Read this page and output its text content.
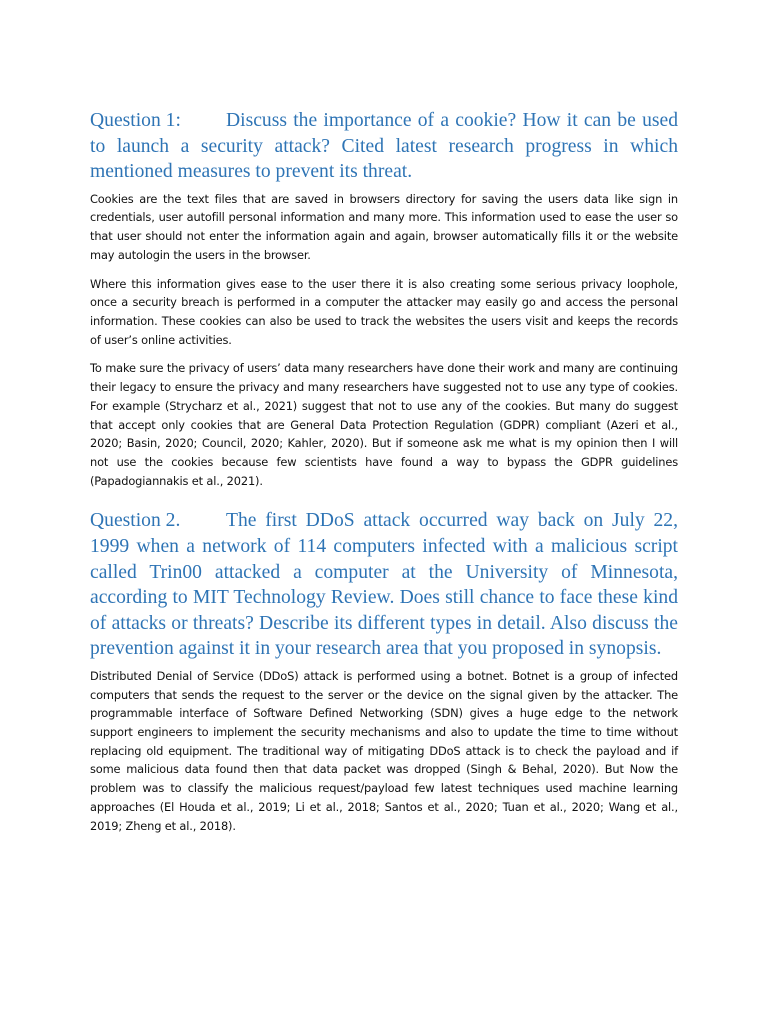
Question 1: Discuss the importance of a cookie? How it can be used to launch a security attack? Cited latest research progress in which mentioned measures to prevent its threat.

Cookies are the text files that are saved in browsers directory for saving the users data like sign in credentials, user autofill personal information and many more. This information used to ease the user so that user should not enter the information again and again, browser automatically fills it or the website may autologin the users in the browser.

Where this information gives ease to the user there it is also creating some serious privacy loophole, once a security breach is performed in a computer the attacker may easily go and access the personal information. These cookies can also be used to track the websites the users visit and keeps the records of user’s online activities.

To make sure the privacy of users’ data many researchers have done their work and many are continuing their legacy to ensure the privacy and many researchers have suggested not to use any type of cookies. For example (Strycharz et al., 2021) suggest that not to use any of the cookies. But many do suggest that accept only cookies that are General Data Protection Regulation (GDPR) compliant (Azeri et al., 2020; Basin, 2020; Council, 2020; Kahler, 2020). But if someone ask me what is my opinion then I will not use the cookies because few scientists have found a way to bypass the GDPR guidelines (Papadogiannakis et al., 2021).

Question 2. The first DDoS attack occurred way back on July 22, 1999 when a network of 114 computers infected with a malicious script called Trin00 attacked a computer at the University of Minnesota, according to MIT Technology Review. Does still chance to face these kind of attacks or threats? Describe its different types in detail. Also discuss the prevention against it in your research area that you proposed in synopsis.

Distributed Denial of Service (DDoS) attack is performed using a botnet. Botnet is a group of infected computers that sends the request to the server or the device on the signal given by the attacker. The programmable interface of Software Defined Networking (SDN) gives a huge edge to the network support engineers to implement the security mechanisms and also to update the time to time without replacing old equipment. The traditional way of mitigating DDoS attack is to check the payload and if some malicious data found then that data packet was dropped (Singh & Behal, 2020). But Now the problem was to classify the malicious request/payload few latest techniques used machine learning approaches (El Houda et al., 2019; Li et al., 2018; Santos et al., 2020; Tuan et al., 2020; Wang et al., 2019; Zheng et al., 2018).
